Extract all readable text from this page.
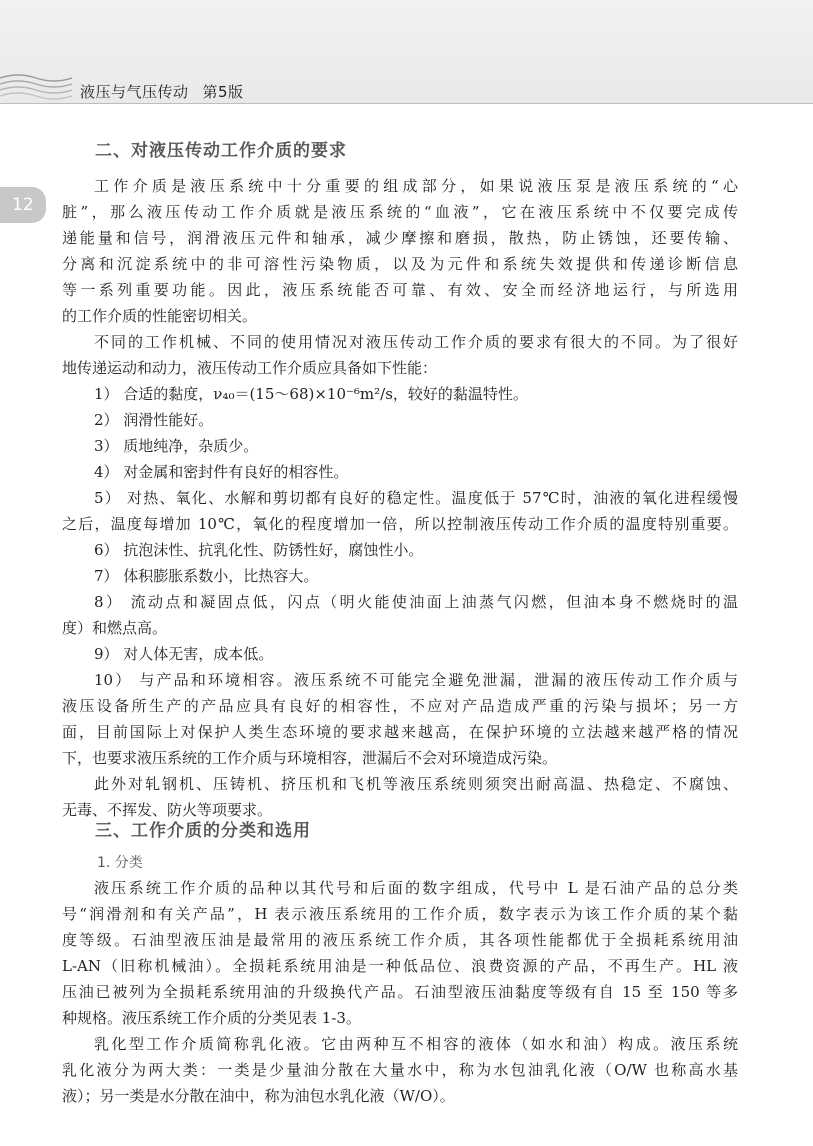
液压与气压传动 第5版
12
二、对液压传动工作介质的要求
工作介质是液压系统中十分重要的组成部分，如果说液压泵是液压系统的“心
脏”，那么液压传动工作介质就是液压系统的“血液”，它在液压系统中不仅要完成传
递能量和信号，润滑液压元件和轴承，减少摩擦和磨损，散热，防止锈蚀，还要传输、
分离和沉淀系统中的非可溶性污染物质，以及为元件和系统失效提供和传递诊断信息
等一系列重要功能。因此，液压系统能否可靠、有效、安全而经济地运行，与所选用
的工作介质的性能密切相关。
不同的工作机械、不同的使用情况对液压传动工作介质的要求有很大的不同。为了很好
地传递运动和动力，液压传动工作介质应具备如下性能：
1） 合适的黏度，ν₄₀＝(15～68)×10⁻⁶m²/s，较好的黏温特性。
2） 润滑性能好。
3） 质地纯净，杂质少。
4） 对金属和密封件有良好的相容性。
5） 对热、氧化、水解和剪切都有良好的稳定性。温度低于 57℃时，油液的氧化进程缓慢
之后，温度每增加 10℃，氧化的程度增加一倍，所以控制液压传动工作介质的温度特别重要。
6） 抗泡沫性、抗乳化性、防锈性好，腐蚀性小。
7） 体积膨胀系数小，比热容大。
8） 流动点和凝固点低，闪点（明火能使油面上油蒸气闪燃，但油本身不燃烧时的温
度）和燃点高。
9） 对人体无害，成本低。
10） 与产品和环境相容。液压系统不可能完全避免泄漏，泄漏的液压传动工作介质与
液压设备所生产的产品应具有良好的相容性，不应对产品造成严重的污染与损坏；另一方
面，目前国际上对保护人类生态环境的要求越来越高，在保护环境的立法越来越严格的情况
下，也要求液压系统的工作介质与环境相容，泄漏后不会对环境造成污染。
此外对轧钢机、压铸机、挤压机和飞机等液压系统则须突出耐高温、热稳定、不腐蚀、
无毒、不挥发、防火等项要求。
三、工作介质的分类和选用
1. 分类
液压系统工作介质的品种以其代号和后面的数字组成，代号中 L 是石油产品的总分类
号“润滑剂和有关产品”，H 表示液压系统用的工作介质，数字表示为该工作介质的某个黏
度等级。石油型液压油是最常用的液压系统工作介质，其各项性能都优于全损耗系统用油
L-AN（旧称机械油）。全损耗系统用油是一种低品位、浪费资源的产品，不再生产。HL 液
压油已被列为全损耗系统用油的升级换代产品。石油型液压油黏度等级有自 15 至 150 等多
种规格。液压系统工作介质的分类见表 1-3。
乳化型工作介质简称乳化液。它由两种互不相容的液体（如水和油）构成。液压系统
乳化液分为两大类：一类是少量油分散在大量水中，称为水包油乳化液（O/W 也称高水基
液）；另一类是水分散在油中，称为油包水乳化液（W/O）。
